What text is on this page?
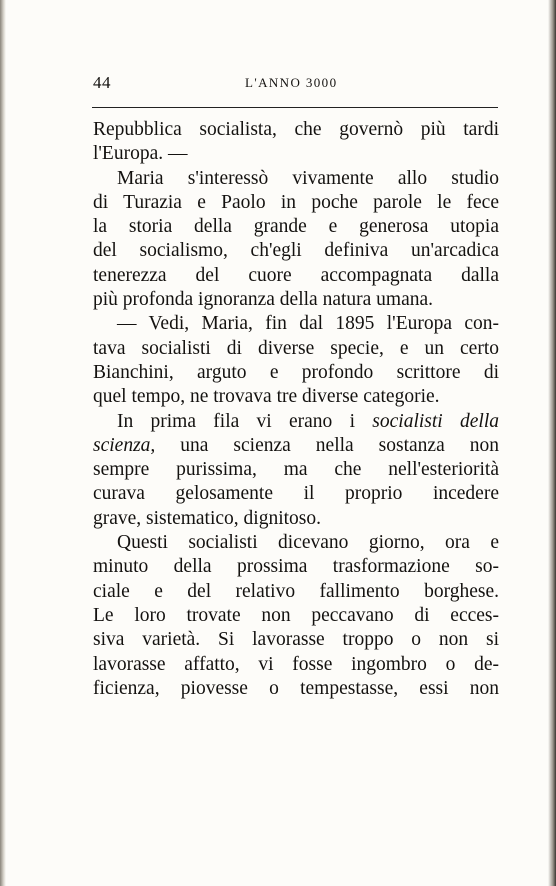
44	L'ANNO 3000
Repubblica socialista, che governò più tardi
l'Europa. —
Maria s'interessò vivamente allo studio
di Turazia e Paolo in poche parole le fece
la storia della grande e generosa utopia
del socialismo, ch'egli definiva un'arcadica
tenerezza del cuore accompagnata dalla
più profonda ignoranza della natura umana.
— Vedi, Maria, fin dal 1895 l'Europa con-
tava socialisti di diverse specie, e un certo
Bianchini, arguto e profondo scrittore di
quel tempo, ne trovava tre diverse categorie.
In prima fila vi erano i socialisti della
scienza, una scienza nella sostanza non
sempre purissima, ma che nell'esteriorità
curava gelosamente il proprio incedere
grave, sistematico, dignitoso.
Questi socialisti dicevano giorno, ora e
minuto della prossima trasformazione so-
ciale e del relativo fallimento borghese.
Le loro trovate non peccavano di ecces-
siva varietà. Si lavorasse troppo o non si
lavorasse affatto, vi fosse ingombro o de-
ficienza, piovesse o tempestasse, essi non
